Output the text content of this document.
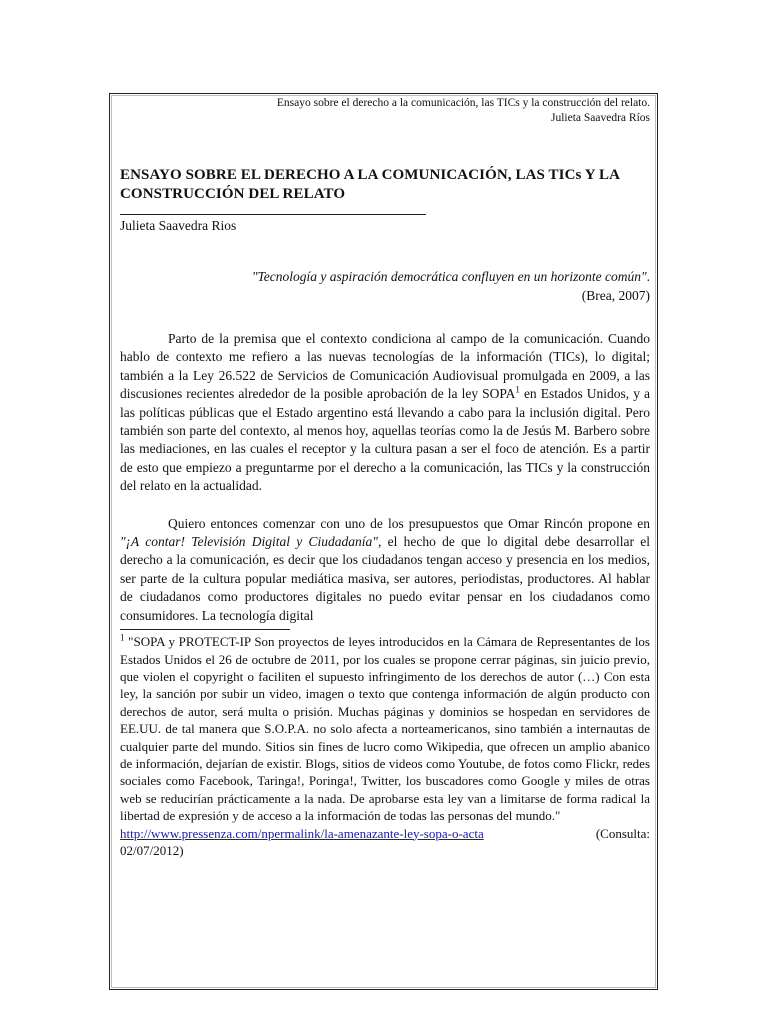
Ensayo sobre el derecho a la comunicación, las TICs y la construcción del relato.
Julieta Saavedra Ríos
ENSAYO SOBRE EL DERECHO A LA COMUNICACIÓN, LAS TICs Y LA CONSTRUCCIÓN DEL RELATO
Julieta Saavedra Rios
"Tecnología y aspiración democrática confluyen en un horizonte común".
(Brea, 2007)
Parto de la premisa que el contexto condiciona al campo de la comunicación. Cuando hablo de contexto me refiero a las nuevas tecnologías de la información (TICs), lo digital; también a la Ley 26.522 de Servicios de Comunicación Audiovisual promulgada en 2009, a las discusiones recientes alrededor de la posible aprobación de la ley SOPA$^1$ en Estados Unidos, y a las políticas públicas que el Estado argentino está llevando a cabo para la inclusión digital. Pero también son parte del contexto, al menos hoy, aquellas teorías como la de Jesús M. Barbero sobre las mediaciones, en las cuales el receptor y la cultura pasan a ser el foco de atención. Es a partir de esto que empiezo a preguntarme por el derecho a la comunicación, las TICs y la construcción del relato en la actualidad.
Quiero entonces comenzar con uno de los presupuestos que Omar Rincón propone en "¡A contar! Televisión Digital y Ciudadanía", el hecho de que lo digital debe desarrollar el derecho a la comunicación, es decir que los ciudadanos tengan acceso y presencia en los medios, ser parte de la cultura popular mediática masiva, ser autores, periodistas, productores. Al hablar de ciudadanos como productores digitales no puedo evitar pensar en los ciudadanos como consumidores. La tecnología digital
$^1$ "SOPA y PROTECT-IP Son proyectos de leyes introducidos en la Cámara de Representantes de los Estados Unidos el 26 de octubre de 2011, por los cuales se propone cerrar páginas, sin juicio previo, que violen el copyright o faciliten el supuesto infringimento de los derechos de autor (…) Con esta ley, la sanción por subir un video, imagen o texto que contenga información de algún producto con derechos de autor, será multa o prisión. Muchas páginas y dominios se hospedan en servidores de EE.UU. de tal manera que S.O.P.A. no solo afecta a norteamericanos, sino también a internautas de cualquier parte del mundo. Sitios sin fines de lucro como Wikipedia, que ofrecen un amplio abanico de información, dejarían de existir. Blogs, sitios de videos como Youtube, de fotos como Flickr, redes sociales como Facebook, Taringa!, Poringa!, Twitter, los buscadores como Google y miles de otras web se reducirían prácticamente a la nada. De aprobarse esta ley van a limitarse de forma radical la libertad de expresión y de acceso a la información de todas las personas del mundo."
http://www.pressenza.com/npermalink/la-amenazante-ley-sopa-o-acta	(Consulta:
02/07/2012)
